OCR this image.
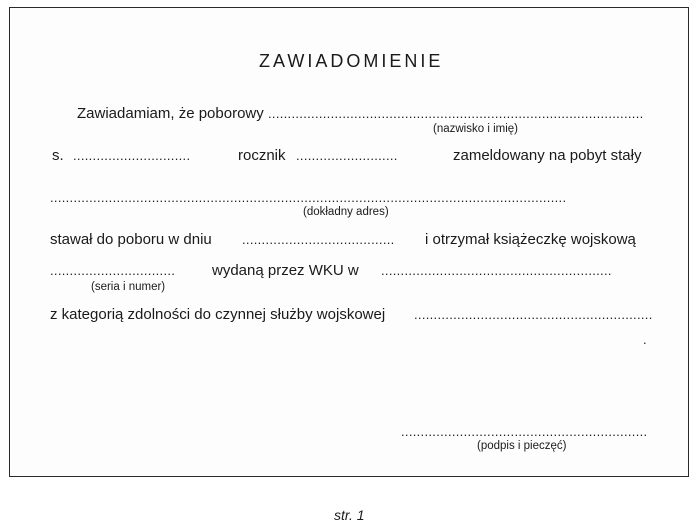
ZAWIADOMIENIE
Zawiadamiam, że poborowy ................................................................................................
(nazwisko i imię)
s. ..............................	rocznik ..........................	zameldowany na pobyt stały
....................................................................................................................................
(dokładny adres)
stawał do poboru w dniu ....................................... i otrzymał książeczkę wojskową
................................ wydaną przez WKU w ...........................................................
(seria i numer)
z kategorią zdolności do czynnej służby wojskowej .............................................................
.
...............................................................
(podpis i pieczęć)
str. 1
